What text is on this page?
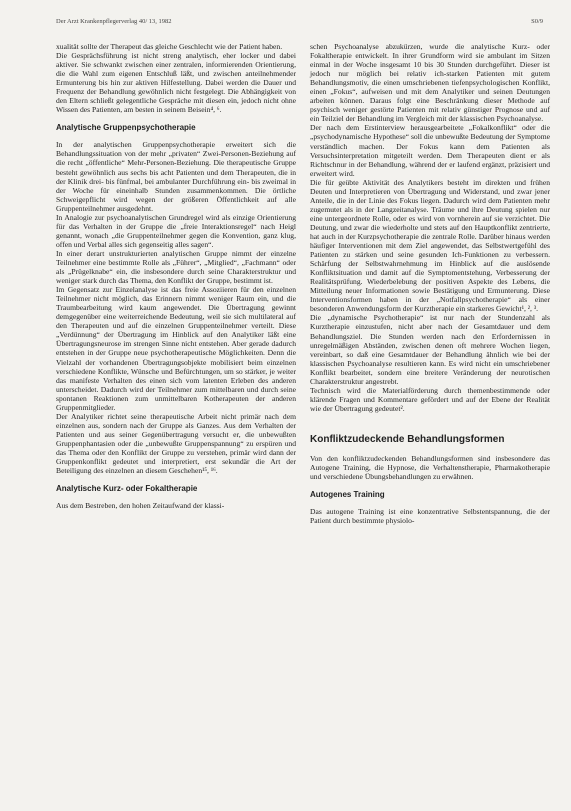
Der Arzt Krankenpflegerverlag 40/ 13, 1982	S0/9

xualität sollte der Therapeut das gleiche Geschlecht wie der Patient haben.

Die Gesprächsführung ist nicht streng analytisch, eher locker und dabei aktiver. Sie schwankt zwischen einer zentralen, informierenden Orientierung, die die Wahl zum eigenen Entschluß läßt, und zwischen anteilnehmender Ermunterung bis hin zur aktiven Hilfestellung. Dabei werden die Dauer und Frequenz der Behandlung gewöhnlich nicht festgelegt. Die Abhängigkeit von den Eltern schließt gelegentliche Gespräche mit diesen ein, jedoch nicht ohne Wissen des Patienten, am besten in seinem Beisein⁴, ⁶.

Analytische Gruppenpsychotherapie

In der analytischen Gruppenpsychotherapie erweitert sich die Behandlungssituation von der mehr „privaten“ Zwei-Personen-Beziehung auf die recht „öffentliche“ Mehr-Personen-Beziehung. Die therapeutische Gruppe besteht gewöhnlich aus sechs bis acht Patienten und dem Therapeuten, die in der Klinik drei- bis fünfmal, bei ambulanter Durchführung ein- bis zweimal in der Woche für eineinhalb Stunden zusammenkommen. Die örtliche Schweigepflicht wird wegen der größeren Öffentlichkeit auf alle Gruppenteilnehmer ausgedehnt.

In Analogie zur psychoanalytischen Grundregel wird als einzige Orientierung für das Verhalten in der Gruppe die „freie Interaktionsregel“ nach Heigl genannt, wonach „die Gruppenteilnehmer gegen die Konvention, ganz klug, offen und Verbal alles sich gegenseitig alles sagen“.

In einer derart unstrukturierten analytischen Gruppe nimmt der einzelne Teilnehmer eine bestimmte Rolle als „Führer“, „Mitglied“, „Fachmann“ oder als „Prügelknabe“ ein, die insbesondere durch seine Charakterstruktur und weniger stark durch das Thema, den Konflikt der Gruppe, bestimmt ist.

Im Gegensatz zur Einzelanalyse ist das freie Assoziieren für den einzelnen Teilnehmer nicht möglich, das Erinnern nimmt weniger Raum ein, und die Traumbearbeitung wird kaum angewendet. Die Übertragung gewinnt demgegenüber eine weiterreichende Bedeutung, weil sie sich multilateral auf den Therapeuten und auf die einzelnen Gruppenteilnehmer verteilt. Diese „Verdünnung“ der Übertragung im Hinblick auf den Analytiker läßt eine Übertragungsneurose im strengen Sinne nicht entstehen. Aber gerade dadurch entstehen in der Gruppe neue psychotherapeutische Möglichkeiten. Denn die Vielzahl der vorhandenen Übertragungsobjekte mobilisiert beim einzelnen verschiedene Konflikte, Wünsche und Befürchtungen, um so stärker, je weiter das manifeste Verhalten des einen sich vom latenten Erleben des anderen unterscheidet. Dadurch wird der Teilnehmer zum mittelbaren und durch seine spontanen Reaktionen zum unmittelbaren Kotherapeuten der anderen Gruppenmitglieder.

Der Analytiker richtet seine therapeutische Arbeit nicht primär nach dem einzelnen aus, sondern nach der Gruppe als Ganzes. Aus dem Verhalten der Patienten und aus seiner Gegenübertragung versucht er, die unbewußten Gruppenphantasien oder die „unbewußte Gruppenspannung“ zu erspüren und das Thema oder den Konflikt der Gruppe zu verstehen, primär wird dann der Gruppenkonflikt gedeutet und interpretiert, erst sekundär die Art der Beteiligung des einzelnen an diesem Geschehen¹⁵, ¹⁶.

Analytische Kurz- oder Fokaltherapie

Aus dem Bestreben, den hohen Zeitaufwand der klassi-

schen Psychoanalyse abzukürzen, wurde die analytische Kurz- oder Fokaltherapie entwickelt. In ihrer Grundform wird sie ambulant im Sitzen einmal in der Woche insgesamt 10 bis 30 Stunden durchgeführt. Dieser ist jedoch nur möglich bei relativ ich-starken Patienten mit gutem Behandlungsmotiv, die einen umschriebenen tiefenpsychologischen Konflikt, einen „Fokus“, aufweisen und mit dem Analytiker und seinen Deutungen arbeiten können. Daraus folgt eine Beschränkung dieser Methode auf psychisch weniger gestörte Patienten mit relativ günstiger Prognose und auf ein Teilziel der Behandlung im Vergleich mit der klassischen Psychoanalyse.

Der nach dem Erstinterview herausgearbeitete „Fokalkonflikt“ oder die „psychodynamische Hypothese“ soll die unbewußte Bedeutung der Symptome verständlich machen. Der Fokus kann dem Patienten als Versuchsinterpretation mitgeteilt werden. Dem Therapeuten dient er als Richtschnur in der Behandlung, während der er laufend ergänzt, präzisiert und erweitert wird.

Die für geübte Aktivität des Analytikers besteht im direkten und frühen Deuten und Interpretieren von Übertragung und Widerstand, und zwar jener Anteile, die in der Linie des Fokus liegen. Dadurch wird dem Patienten mehr zugemutet als in der Langzeitanalyse. Träume und ihre Deutung spielen nur eine untergeordnete Rolle, oder es wird von vornherein auf sie verzichtet. Die Deutung, und zwar die wiederholte und stets auf den Hauptkonflikt zentrierte, hat auch in der Kurzpsychotherapie die zentrale Rolle. Darüber hinaus werden häufiger Interventionen mit dem Ziel angewendet, das Selbstwertgefühl des Patienten zu stärken und seine gesunden Ich-Funktionen zu verbessern. Schärfung der Selbstwahrnehmung im Hinblick auf die auslösende Konfliktsituation und damit auf die Symptomentstehung, Verbesserung der Realitätsprüfung. Wiederbelebung der positiven Aspekte des Lebens, die Mitteilung neuer Informationen sowie Bestätigung und Ermunterung. Diese Interventionsformen haben in der „Notfallpsychotherapie“ als einer besonderen Anwendungsform der Kurztherapie ein starkeres Gewicht¹, ², ³.

Die „dynamische Psychotherapie“ ist nur nach der Stundenzahl als Kurztherapie einzustufen, nicht aber nach der Gesamtdauer und dem Behandlungsziel. Die Stunden werden nach den Erfordernissen in unregelmäßigen Abständen, zwischen denen oft mehrere Wochen liegen, vereinbart, so daß eine Gesamtdauer der Behandlung ähnlich wie bei der klassischen Psychoanalyse resultieren kann. Es wird nicht ein umschriebener Konflikt bearbeitet, sondern eine breitere Veränderung der neurotischen Charakterstruktur angestrebt.

Technisch wird die Materialförderung durch themenbestimmende oder klärende Fragen und Kommentare gefördert und auf der Ebene der Realität wie der Übertragung gedeutet².

Konfliktzudeckende Behandlungsformen

Von den konfliktzudeckenden Behandlungsformen sind insbesondere das Autogene Training, die Hypnose, die Verhaltenstherapie, Pharmakotherapie und verschiedene Übungsbehandlungen zu erwähnen.

Autogenes Training

Das autogene Training ist eine konzentrative Selbstentspannung, die der Patient durch bestimmte physiolo-
